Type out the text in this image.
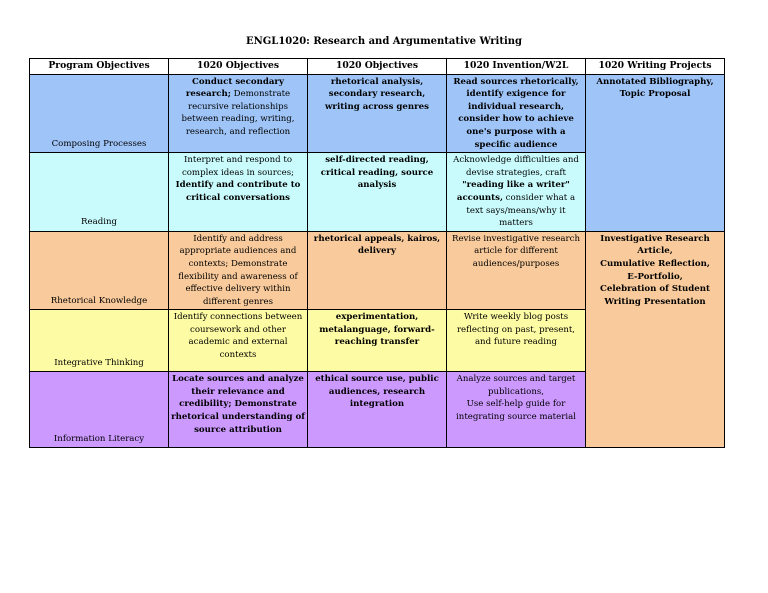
ENGL1020: Research and Argumentative Writing
Program Objectives	1020 Objectives	1020 Objectives	1020 Invention/W2L	1020 Writing Projects
Composing Processes	Conduct secondary research; Demonstrate recursive relationships between reading, writing, research, and reflection	rhetorical analysis, secondary research, writing across genres	Read sources rhetorically, identify exigence for individual research, consider how to achieve one's purpose with a specific audience	Annotated Bibliography,
Topic Proposal
Reading	Interpret and respond to complex ideas in sources; Identify and contribute to critical conversations	self-directed reading, critical reading, source analysis	Acknowledge difficulties and devise strategies, craft "reading like a writer" accounts, consider what a text says/means/why it matters	
Rhetorical Knowledge	Identify and address appropriate audiences and contexts; Demonstrate flexibility and awareness of effective delivery within different genres	rhetorical appeals, kairos, delivery	Revise investigative research article for different audiences/purposes	Investigative Research Article,
Cumulative Reflection,
E-Portfolio,
Celebration of Student Writing Presentation
Integrative Thinking	Identify connections between coursework and other academic and external contexts	experimentation, metalanguage, forward-reaching transfer	Write weekly blog posts reflecting on past, present, and future reading	
Information Literacy	Locate sources and analyze their relevance and credibility; Demonstrate rhetorical understanding of source attribution	ethical source use, public audiences, research integration	Analyze sources and target publications,
Use self-help guide for integrating source material	
